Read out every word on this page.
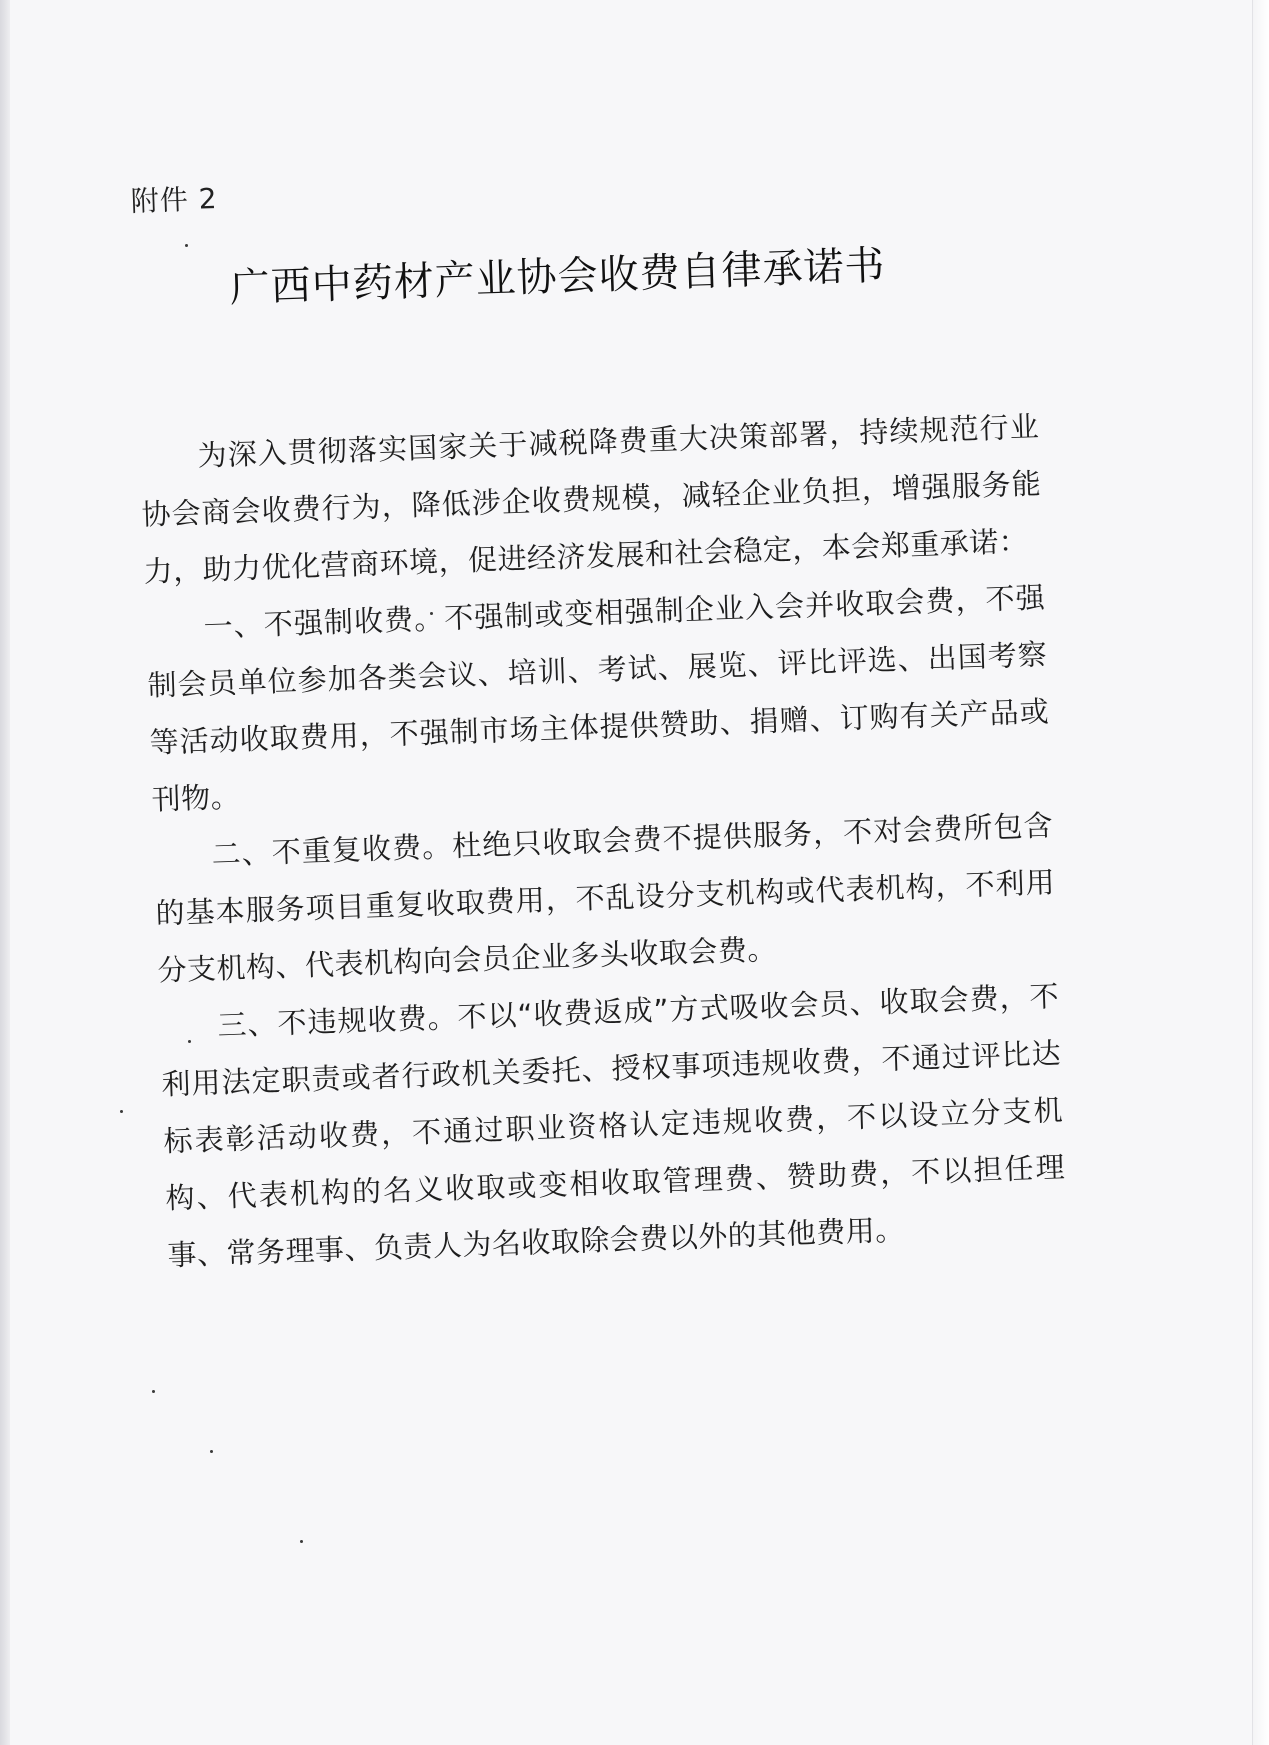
附件 2
广西中药材产业协会收费自律承诺书

为深入贯彻落实国家关于减税降费重大决策部署，持续规范行业协会商会收费行为，降低涉企收费规模，减轻企业负担，增强服务能力，助力优化营商环境，促进经济发展和社会稳定，本会郑重承诺：

一、不强制收费。不强制或变相强制企业入会并收取会费，不强制会员单位参加各类会议、培训、考试、展览、评比评选、出国考察等活动收取费用，不强制市场主体提供赞助、捐赠、订购有关产品或刊物。

二、不重复收费。杜绝只收取会费不提供服务，不对会费所包含的基本服务项目重复收取费用，不乱设分支机构或代表机构，不利用分支机构、代表机构向会员企业多头收取会费。

三、不违规收费。不以“收费返成”方式吸收会员、收取会费，不利用法定职责或者行政机关委托、授权事项违规收费，不通过评比达标表彰活动收费，不通过职业资格认定违规收费，不以设立分支机构、代表机构的名义收取或变相收取管理费、赞助费，不以担任理事、常务理事、负责人为名收取除会费以外的其他费用。
